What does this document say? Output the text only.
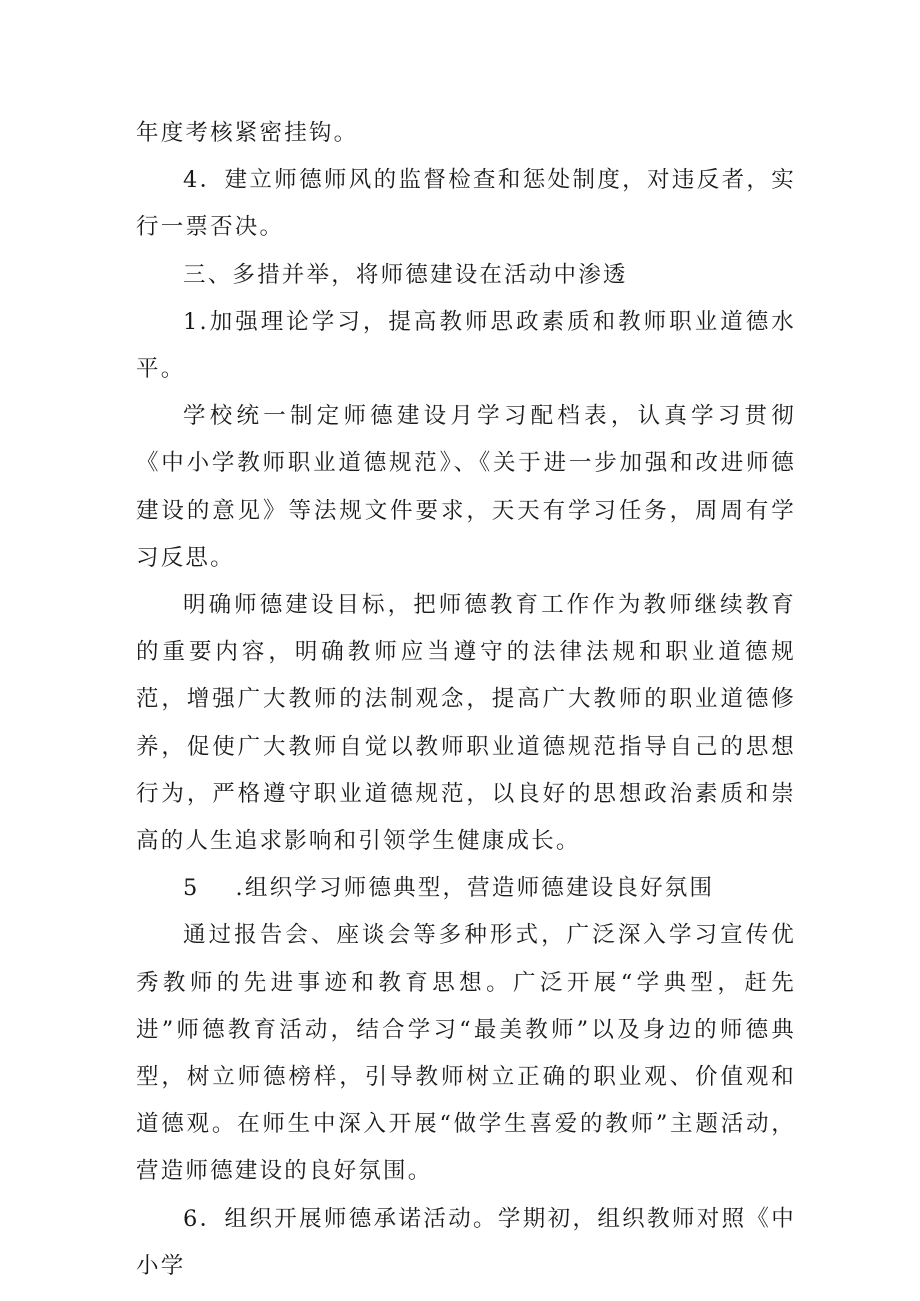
年度考核紧密挂钩。

4．建立师德师风的监督检查和惩处制度，对违反者，实行一票否决。

三、多措并举，将师德建设在活动中渗透

1.加强理论学习，提高教师思政素质和教师职业道德水平。

学校统一制定师德建设月学习配档表，认真学习贯彻《中小学教师职业道德规范》、《关于进一步加强和改进师德建设的意见》等法规文件要求，天天有学习任务，周周有学习反思。

明确师德建设目标，把师德教育工作作为教师继续教育的重要内容，明确教师应当遵守的法律法规和职业道德规范，增强广大教师的法制观念，提高广大教师的职业道德修养，促使广大教师自觉以教师职业道德规范指导自己的思想行为，严格遵守职业道德规范，以良好的思想政治素质和崇高的人生追求影响和引领学生健康成长。

5 .组织学习师德典型，营造师德建设良好氛围

通过报告会、座谈会等多种形式，广泛深入学习宣传优秀教师的先进事迹和教育思想。广泛开展“学典型，赶先进”师德教育活动，结合学习“最美教师”以及身边的师德典型，树立师德榜样，引导教师树立正确的职业观、价值观和道德观。在师生中深入开展“做学生喜爱的教师”主题活动，营造师德建设的良好氛围。

6．组织开展师德承诺活动。学期初，组织教师对照《中小学
